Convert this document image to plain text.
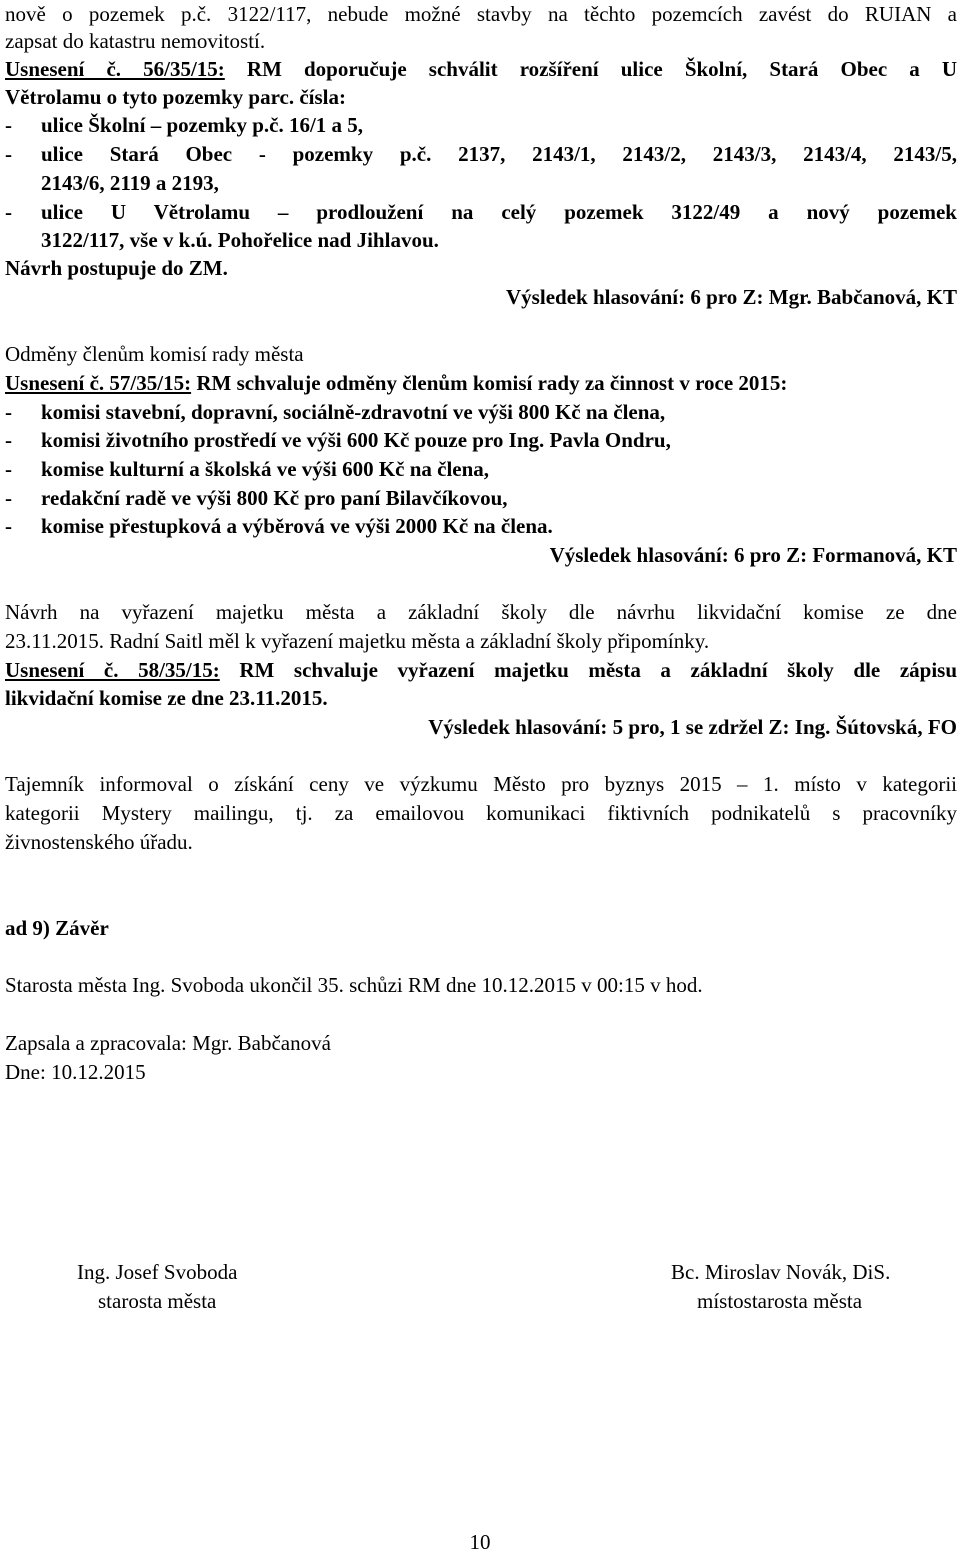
nově o pozemek p.č. 3122/117, nebude možné stavby na těchto pozemcích zavést do RUIAN a
zapsat do katastru nemovitostí.
Usnesení č. 56/35/15: RM doporučuje schválit rozšíření ulice Školní, Stará Obec a U
Větrolamu o tyto pozemky parc. čísla:
- ulice Školní – pozemky p.č. 16/1 a 5,
- ulice Stará Obec - pozemky p.č. 2137, 2143/1, 2143/2, 2143/3, 2143/4, 2143/5,
2143/6, 2119 a 2193,
- ulice U Větrolamu – prodloužení na celý pozemek 3122/49 a nový pozemek
3122/117, vše v k.ú. Pohořelice nad Jihlavou.
Návrh postupuje do ZM.
Výsledek hlasování: 6 pro Z: Mgr. Babčanová, KT
Odměny členům komisí rady města
Usnesení č. 57/35/15: RM schvaluje odměny členům komisí rady za činnost v roce 2015:
- komisi stavební, dopravní, sociálně-zdravotní ve výši 800 Kč na člena,
- komisi životního prostředí ve výši 600 Kč pouze pro Ing. Pavla Ondru,
- komise kulturní a školská ve výši 600 Kč na člena,
- redakční radě ve výši 800 Kč pro paní Bilavčíkovou,
- komise přestupková a výběrová ve výši 2000 Kč na člena.
Výsledek hlasování: 6 pro Z: Formanová, KT
Návrh na vyřazení majetku města a základní školy dle návrhu likvidační komise ze dne
23.11.2015. Radní Saitl měl k vyřazení majetku města a základní školy připomínky.
Usnesení č. 58/35/15: RM schvaluje vyřazení majetku města a základní školy dle zápisu
likvidační komise ze dne 23.11.2015.
Výsledek hlasování: 5 pro, 1 se zdržel Z: Ing. Šútovská, FO
Tajemník informoval o získání ceny ve výzkumu Město pro byznys 2015 – 1. místo v kategorii
kategorii Mystery mailingu, tj. za emailovou komunikaci fiktivních podnikatelů s pracovníky
živnostenského úřadu.
ad 9) Závěr
Starosta města Ing. Svoboda ukončil 35. schůzi RM dne 10.12.2015 v 00:15 v hod.
Zapsala a zpracovala: Mgr. Babčanová
Dne: 10.12.2015
Ing. Josef Svoboda
starosta města
Bc. Miroslav Novák, DiS.
místostarosta města
10
